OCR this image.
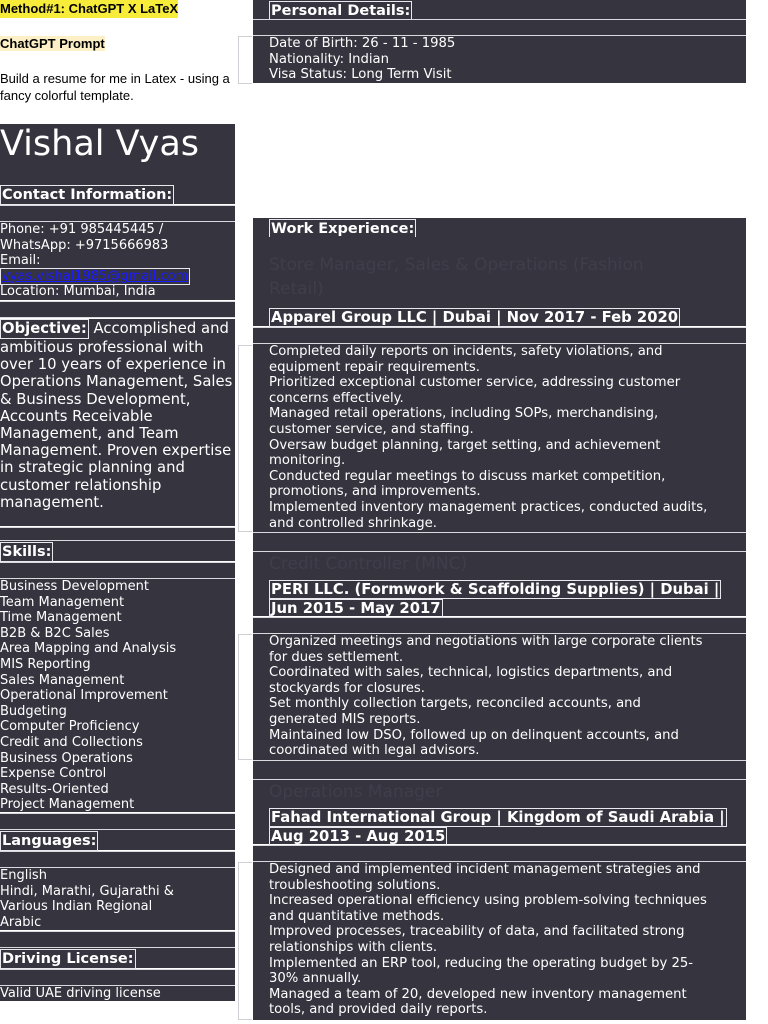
Method#1: ChatGPT X LaTeX
ChatGPT Prompt
Build a resume for me in Latex - using a fancy colorful template.
Vishal Vyas
Contact Information:
Phone: +91 985445445 /
WhatsApp: +9715666983
Email:
vyas.vishal1985@gmail.com
Location: Mumbai, India
Objective: Accomplished and ambitious professional with over 10 years of experience in Operations Management, Sales & Business Development, Accounts Receivable Management, and Team Management. Proven expertise in strategic planning and customer relationship management.
Skills:
Business Development
Team Management
Time Management
B2B & B2C Sales
Area Mapping and Analysis
MIS Reporting
Sales Management
Operational Improvement
Budgeting
Computer Proficiency
Credit and Collections
Business Operations
Expense Control
Results-Oriented
Project Management
Languages:
English
Hindi, Marathi, Gujarathi &
Various Indian Regional
Arabic
Driving License:
Valid UAE driving license
Personal Details:
Date of Birth: 26 - 11 - 1985
Nationality: Indian
Visa Status: Long Term Visit
Work Experience:
Store Manager, Sales & Operations (Fashion
Retail)
Apparel Group LLC | Dubai | Nov 2017 - Feb 2020
Completed daily reports on incidents, safety violations, and
equipment repair requirements.
Prioritized exceptional customer service, addressing customer
concerns effectively.
Managed retail operations, including SOPs, merchandising,
customer service, and staffing.
Oversaw budget planning, target setting, and achievement
monitoring.
Conducted regular meetings to discuss market competition,
promotions, and improvements.
Implemented inventory management practices, conducted audits,
and controlled shrinkage.
Credit Controller (MNC)
PERI LLC. (Formwork & Scaffolding Supplies) | Dubai |
Jun 2015 - May 2017
Organized meetings and negotiations with large corporate clients
for dues settlement.
Coordinated with sales, technical, logistics departments, and
stockyards for closures.
Set monthly collection targets, reconciled accounts, and
generated MIS reports.
Maintained low DSO, followed up on delinquent accounts, and
coordinated with legal advisors.
Operations Manager
Fahad International Group | Kingdom of Saudi Arabia |
Aug 2013 - Aug 2015
Designed and implemented incident management strategies and
troubleshooting solutions.
Increased operational efficiency using problem-solving techniques
and quantitative methods.
Improved processes, traceability of data, and facilitated strong
relationships with clients.
Implemented an ERP tool, reducing the operating budget by 25-
30% annually.
Managed a team of 20, developed new inventory management
tools, and provided daily reports.
